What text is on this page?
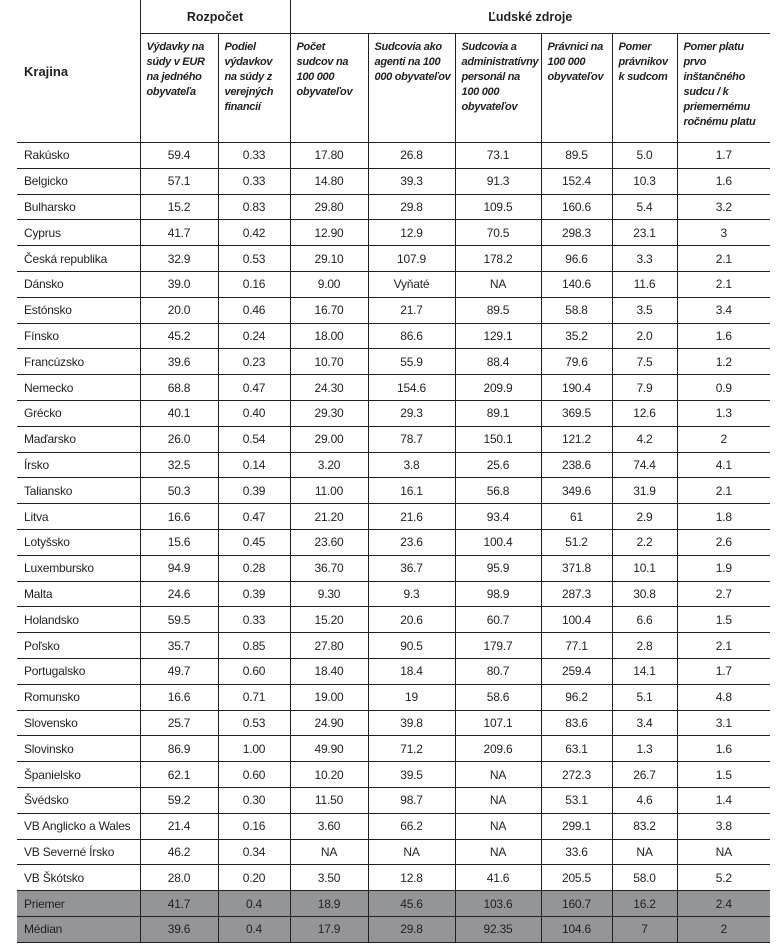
Krajina	Rozpočet		Ľudské zdroje					
	Výdavky na súdy v EUR na jedného obyvateľa	Podiel výdavkov na súdy z verejných financií	Počet sudcov na 100 000 obyvateľov	Sudcovia ako agenti na 100 000 obyvateľov	Sudcovia a administratívny personál na 100 000 obyvateľov	Právnici na 100 000 obyvateľov	Pomer právnikov k sudcom	Pomer platu prvo inštančného sudcu / k priemernému ročnému platu
Rakúsko	59.4	0.33	17.80	26.8	73.1	89.5	5.0	1.7
Belgicko	57.1	0.33	14.80	39.3	91.3	152.4	10.3	1.6
Bulharsko	15.2	0.83	29.80	29.8	109.5	160.6	5.4	3.2
Cyprus	41.7	0.42	12.90	12.9	70.5	298.3	23.1	3
Česká republika	32.9	0.53	29.10	107.9	178.2	96.6	3.3	2.1
Dánsko	39.0	0.16	9.00	Vyňaté	NA	140.6	11.6	2.1
Estónsko	20.0	0.46	16.70	21.7	89.5	58.8	3.5	3.4
Fínsko	45.2	0.24	18.00	86.6	129.1	35.2	2.0	1.6
Francúzsko	39.6	0.23	10.70	55.9	88.4	79.6	7.5	1.2
Nemecko	68.8	0.47	24.30	154.6	209.9	190.4	7.9	0.9
Grécko	40.1	0.40	29.30	29.3	89.1	369.5	12.6	1.3
Maďarsko	26.0	0.54	29.00	78.7	150.1	121.2	4.2	2
Írsko	32.5	0.14	3.20	3.8	25.6	238.6	74.4	4.1
Taliansko	50.3	0.39	11.00	16.1	56.8	349.6	31.9	2.1
Litva	16.6	0.47	21.20	21.6	93.4	61	2.9	1.8
Lotyšsko	15.6	0.45	23.60	23.6	100.4	51.2	2.2	2.6
Luxembursko	94.9	0.28	36.70	36.7	95.9	371.8	10.1	1.9
Malta	24.6	0.39	9.30	9.3	98.9	287.3	30.8	2.7
Holandsko	59.5	0.33	15.20	20.6	60.7	100.4	6.6	1.5
Poľsko	35.7	0.85	27.80	90.5	179.7	77.1	2.8	2.1
Portugalsko	49.7	0.60	18.40	18.4	80.7	259.4	14.1	1.7
Romunsko	16.6	0.71	19.00	19	58.6	96.2	5.1	4.8
Slovensko	25.7	0.53	24.90	39.8	107.1	83.6	3.4	3.1
Slovinsko	86.9	1.00	49.90	71.2	209.6	63.1	1.3	1.6
Španielsko	62.1	0.60	10.20	39.5	NA	272.3	26.7	1.5
Švédsko	59.2	0.30	11.50	98.7	NA	53.1	4.6	1.4
VB Anglicko a Wales	21.4	0.16	3.60	66.2	NA	299.1	83.2	3.8
VB Severné Írsko	46.2	0.34	NA	NA	NA	33.6	NA	NA
VB Škótsko	28.0	0.20	3.50	12.8	41.6	205.5	58.0	5.2
Priemer	41.7	0.4	18.9	45.6	103.6	160.7	16.2	2.4
Médian	39.6	0.4	17.9	29.8	92.35	104.6	7	2
